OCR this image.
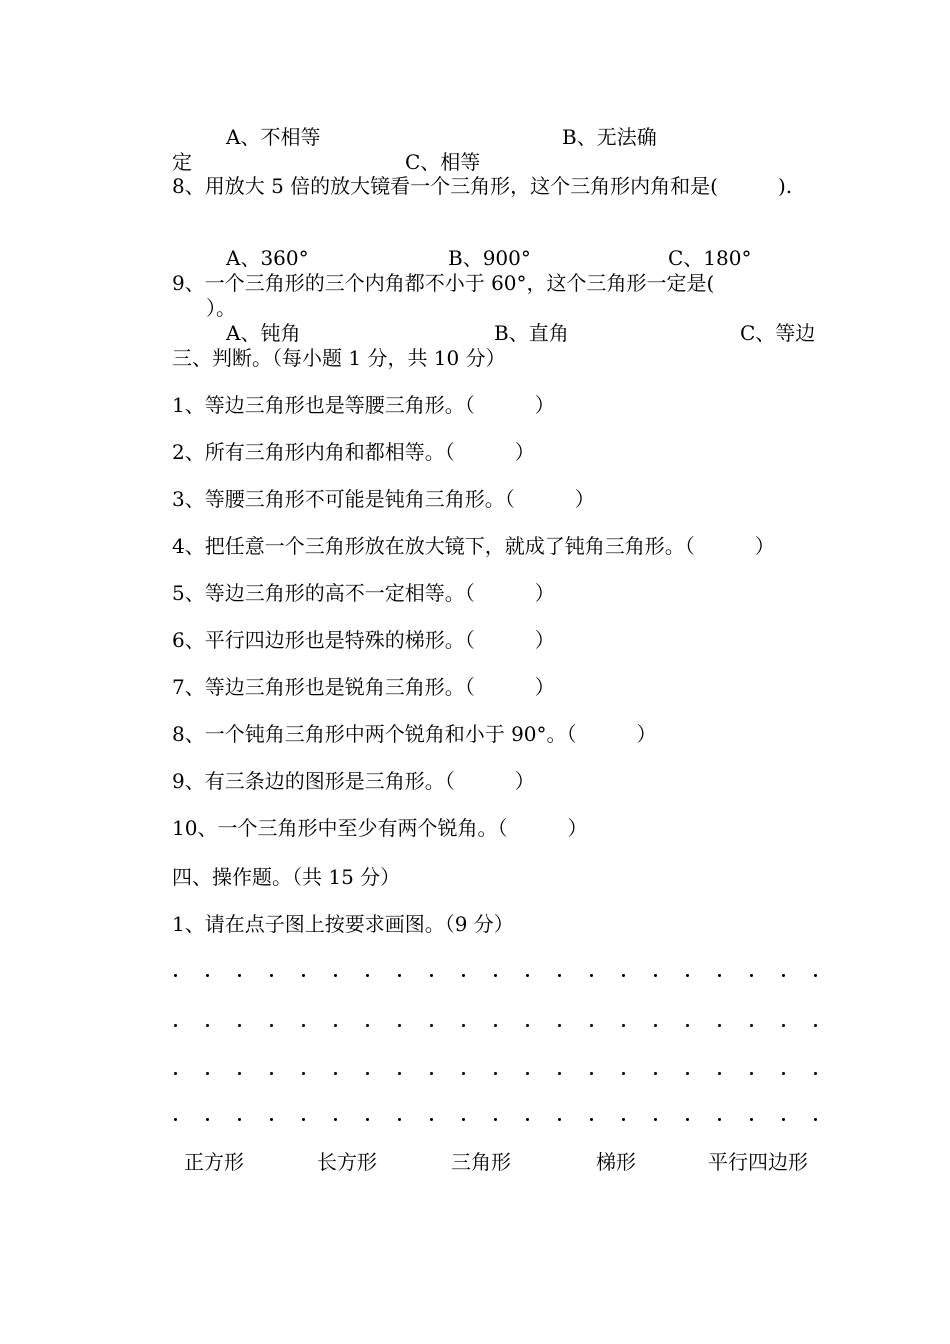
A、不相等	B、无法确
定	C、相等
8、用放大 5 倍的放大镜看一个三角形，这个三角形内角和是(　　　).
A、360°	B、900°	C、180°
9、一个三角形的三个内角都不小于 60°，这个三角形一定是(
　）。
A、钝角	B、直角	C、等边
三、判断。（每小题 1 分，共 10 分）
1、等边三角形也是等腰三角形。（　　　）
2、所有三角形内角和都相等。（　　　）
3、等腰三角形不可能是钝角三角形。（　　　）
4、把任意一个三角形放在放大镜下，就成了钝角三角形。（　　　）
5、等边三角形的高不一定相等。（　　　）
6、平行四边形也是特殊的梯形。（　　　）
7、等边三角形也是锐角三角形。（　　　）
8、一个钝角三角形中两个锐角和小于 90°。（　　　）
9、有三条边的图形是三角形。（　　　）
10、一个三角形中至少有两个锐角。（　　　）
四、操作题。（共 15 分）
1、请在点子图上按要求画图。（9 分）
正方形	长方形	三角形	梯形	平行四边形
